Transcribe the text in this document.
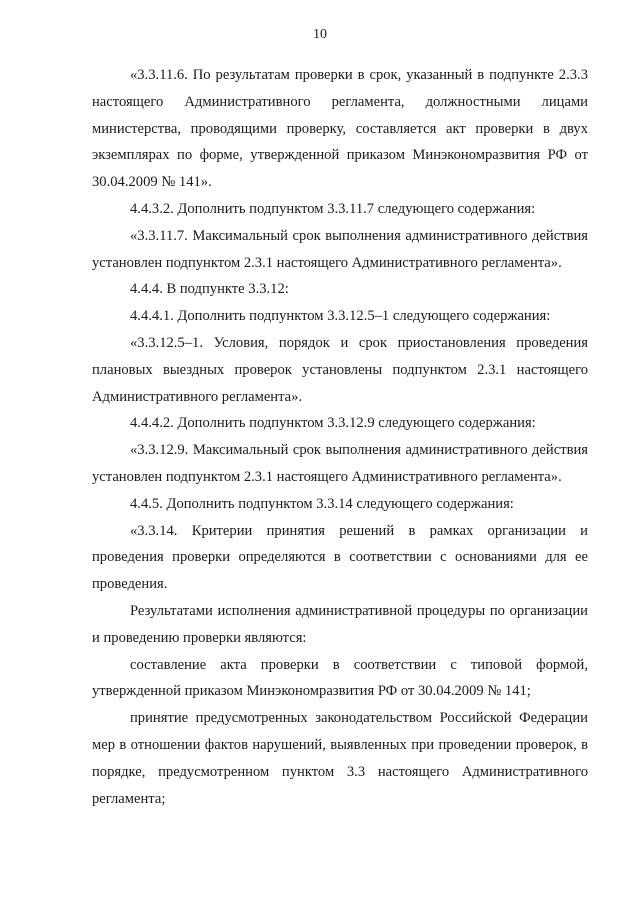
10

«3.3.11.6. По результатам проверки в срок, указанный в подпункте 2.3.3 настоящего Административного регламента, должностными лицами министерства, проводящими проверку, составляется акт проверки в двух экземплярах по форме, утвержденной приказом Минэкономразвития РФ от 30.04.2009 № 141».

4.4.3.2. Дополнить подпунктом 3.3.11.7 следующего содержания:

«3.3.11.7. Максимальный срок выполнения административного действия установлен подпунктом 2.3.1 настоящего Административного регламента».

4.4.4. В подпункте 3.3.12:

4.4.4.1. Дополнить подпунктом 3.3.12.5–1 следующего содержания:

«3.3.12.5–1. Условия, порядок и срок приостановления проведения плановых выездных проверок установлены подпунктом 2.3.1 настоящего Административного регламента».

4.4.4.2. Дополнить подпунктом 3.3.12.9 следующего содержания:

«3.3.12.9. Максимальный срок выполнения административного действия установлен подпунктом 2.3.1 настоящего Административного регламента».

4.4.5. Дополнить подпунктом 3.3.14 следующего содержания:

«3.3.14. Критерии принятия решений в рамках организации и проведения проверки определяются в соответствии с основаниями для ее проведения.

Результатами исполнения административной процедуры по организации и проведению проверки являются:

составление акта проверки в соответствии с типовой формой, утвержденной приказом Минэкономразвития РФ от 30.04.2009 № 141;

принятие предусмотренных законодательством Российской Федерации мер в отношении фактов нарушений, выявленных при проведении проверок, в порядке, предусмотренном пунктом 3.3 настоящего Административного регламента;
